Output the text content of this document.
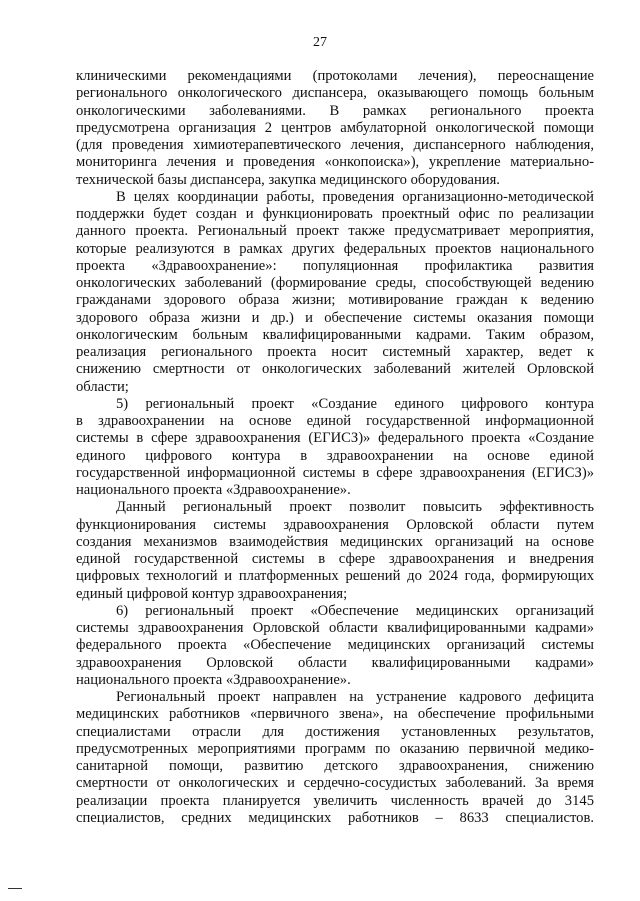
27
клиническими рекомендациями (протоколами лечения), переоснащение
регионального онкологического диспансера, оказывающего помощь больным
онкологическими заболеваниями. В рамках регионального проекта
предусмотрена организация 2 центров амбулаторной онкологической помощи
(для проведения химиотерапевтического лечения, диспансерного наблюдения,
мониторинга лечения и проведения «онкопоиска»), укрепление материально-
технической базы диспансера, закупка медицинского оборудования.
В целях координации работы, проведения организационно-методической
поддержки будет создан и функционировать проектный офис по реализации
данного проекта. Региональный проект также предусматривает мероприятия,
которые реализуются в рамках других федеральных проектов национального
проекта «Здравоохранение»: популяционная профилактика развития
онкологических заболеваний (формирование среды, способствующей ведению
гражданами здорового образа жизни; мотивирование граждан к ведению
здорового образа жизни и др.) и обеспечение системы оказания помощи
онкологическим больным квалифицированными кадрами. Таким образом,
реализация регионального проекта носит системный характер, ведет к
снижению смертности от онкологических заболеваний жителей Орловской
области;
5) региональный проект «Создание единого цифрового контура
в здравоохранении на основе единой государственной информационной
системы в сфере здравоохранения (ЕГИСЗ)» федерального проекта «Создание
единого цифрового контура в здравоохранении на основе единой
государственной информационной системы в сфере здравоохранения (ЕГИСЗ)»
национального проекта «Здравоохранение».
Данный региональный проект позволит повысить эффективность
функционирования системы здравоохранения Орловской области путем
создания механизмов взаимодействия медицинских организаций на основе
единой государственной системы в сфере здравоохранения и внедрения
цифровых технологий и платформенных решений до 2024 года, формирующих
единый цифровой контур здравоохранения;
6) региональный проект «Обеспечение медицинских организаций
системы здравоохранения Орловской области квалифицированными кадрами»
федерального проекта «Обеспечение медицинских организаций системы
здравоохранения Орловской области квалифицированными кадрами»
национального проекта «Здравоохранение».
Региональный проект направлен на устранение кадрового дефицита
медицинских работников «первичного звена», на обеспечение профильными
специалистами отрасли для достижения установленных результатов,
предусмотренных мероприятиями программ по оказанию первичной медико-
санитарной помощи, развитию детского здравоохранения, снижению
смертности от онкологических и сердечно-сосудистых заболеваний. За время
реализации проекта планируется увеличить численность врачей до 3145
специалистов, средних медицинских работников – 8633 специалистов.
